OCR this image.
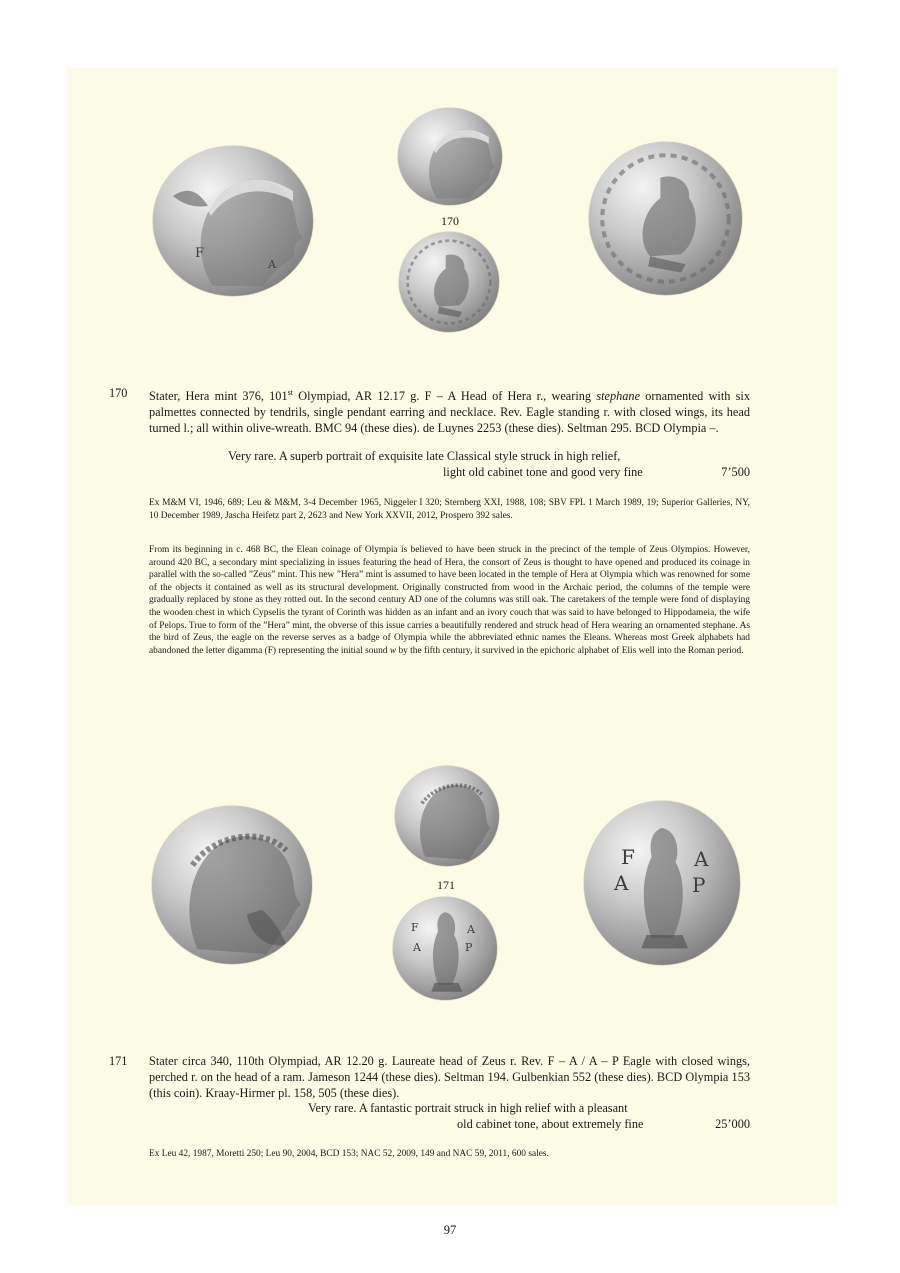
F
A
170
170 Stater, Hera mint 376, 101st Olympiad, AR 12.17 g. F – A Head of Hera r., wearing stephane ornamented with six palmettes connected by tendrils, single pendant earring and necklace. Rev. Eagle standing r. with closed wings, its head turned l.; all within olive-wreath. BMC 94 (these dies). de Luynes 2253 (these dies). Seltman 295. BCD Olympia –.

Very rare. A superb portrait of exquisite late Classical style struck in high relief,
light old cabinet tone and good very fine	7’500
Ex M&M VI, 1946, 689; Leu & M&M, 3-4 December 1965, Niggeler I 320; Sternberg XXI, 1988, 108; SBV FPL 1 March 1989, 19; Superior Galleries, NY, 10 December 1989, Jascha Heifetz part 2, 2623 and New York XXVII, 2012, Prospero 392 sales.
From its beginning in c. 468 BC, the Elean coinage of Olympia is believed to have been struck in the precinct of the temple of Zeus Olympios. However, around 420 BC, a secondary mint specializing in issues featuring the head of Hera, the consort of Zeus is thought to have opened and produced its coinage in parallel with the so-called ”Zeus” mint. This new ”Hera” mint is assumed to have been located in the temple of Hera at Olympia which was renowned for some of the objects it contained as well as its structural development. Originally constructed from wood in the Archaic period, the columns of the temple were gradually replaced by stone as they rotted out. In the second century AD one of the columns was still oak. The caretakers of the temple were fond of displaying the wooden chest in which Cypselis the tyrant of Corinth was hidden as an infant and an ivory couch that was said to have belonged to Hippodameia, the wife of Pelops. True to form of the ”Hera” mint, the obverse of this issue carries a beautifully rendered and struck head of Hera wearing an ornamented stephane. As the bird of Zeus, the eagle on the reverse serves as a badge of Olympia while the abbreviated ethnic names the Eleans. Whereas most Greek alphabets had abandoned the letter digamma (F) representing the initial sound w by the fifth century, it survived in the epichoric alphabet of Elis well into the Roman period.
171
F	A
A	P
F	A
A	P
171 Stater circa 340, 110th Olympiad, AR 12.20 g. Laureate head of Zeus r. Rev. F – A / A – P Eagle with closed wings, perched r. on the head of a ram. Jameson 1244 (these dies). Seltman 194. Gulbenkian 552 (these dies). BCD Olympia 153 (this coin). Kraay-Hirmer pl. 158, 505 (these dies).
Very rare. A fantastic portrait struck in high relief with a pleasant
old cabinet tone, about extremely fine	25’000
Ex Leu 42, 1987, Moretti 250; Leu 90, 2004, BCD 153; NAC 52, 2009, 149 and NAC 59, 2011, 600 sales.
97
